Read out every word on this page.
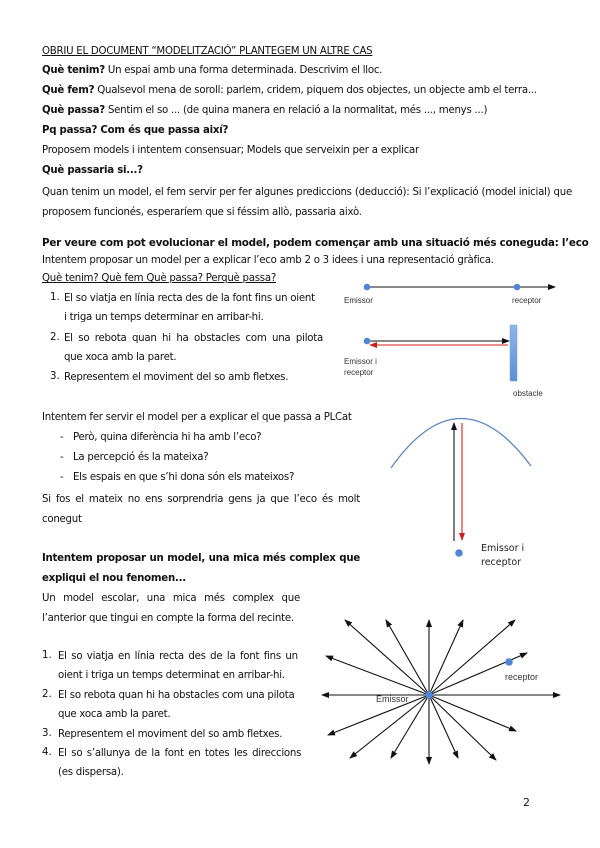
OBRIU EL DOCUMENT “MODELITZACIÓ” PLANTEGEM UN ALTRE CAS
Què tenim? Un espai amb una forma determinada. Descrivim el lloc.
Què fem? Qualsevol mena de soroll: parlem, cridem, piquem dos objectes, un objecte amb el terra...
Què passa? Sentim el so ... (de quina manera en relació a la normalitat, més ..., menys ...)
Pq passa? Com és que passa així?
Proposem models i intentem consensuar; Models que serveixin per a explicar
Què passaria si...?
Quan tenim un model, el fem servir per fer algunes prediccions (deducció): Si l’explicació (model inicial) que proposem funcionés, esperaríem que si féssim allò, passaria això.
Per veure com pot evolucionar el model, podem començar amb una situació més coneguda: l’eco
Intentem proposar un model per a explicar l’eco amb 2 o 3 idees i una representació gràfica.
Què tenim? Què fem Què passa? Perquè passa?
1. El so viatja en línia recta des de la font fins un oient
i triga un temps determinar en arribar-hi.
2. El so rebota quan hi ha obstacles com una pilota
que xoca amb la paret.
3. Representem el moviment del so amb fletxes.
Intentem fer servir el model per a explicar el que passa a PLCat
- Però, quina diferència hi ha amb l’eco?
- La percepció és la mateixa?
- Els espais en que s’hi dona són els mateixos?
Si fos el mateix no ens sorprendria gens ja que l’eco és molt conegut
Intentem proposar un model, una mica més complex que expliqui el nou fenomen...
Un model escolar, una mica més complex que l’anterior que tingui en compte la forma del recinte.
1. El so viatja en línia recta des de la font fins un
oient i triga un temps determinat en arribar-hi.
2. El so rebota quan hi ha obstacles com una pilota
que xoca amb la paret.
3. Representem el moviment del so amb fletxes.
4. El so s’allunya de la font en totes les direccions
(es dispersa).
2
Emissor	receptor
Emissor i
receptor
obstacle
Emissor i
receptor
Emissor
receptor
